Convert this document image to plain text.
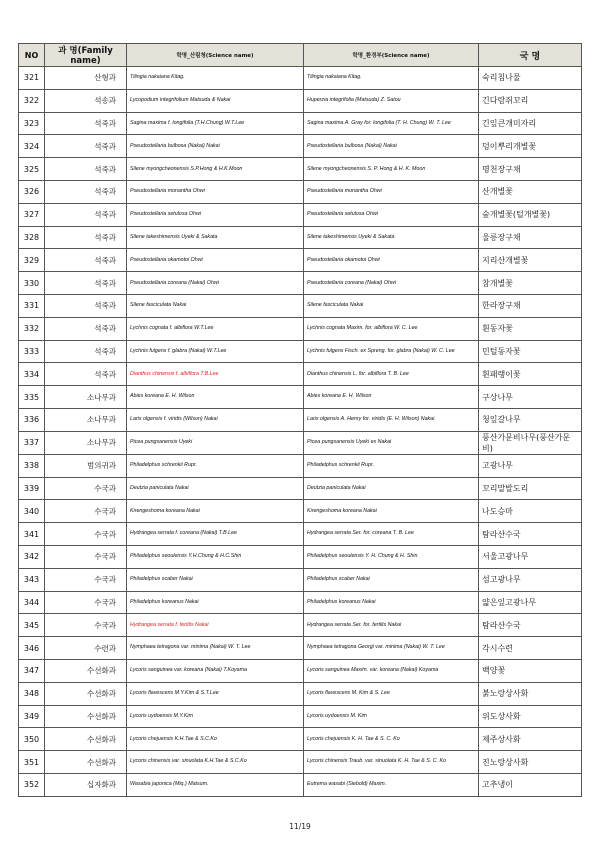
NO	과 명(Family name)	학명_산림청(Science name)	학명_환경부(Science name)	국 명
321	산형과	Tilingia nakaiana Kitag.	Tilingia nakaiana Kitag.	숙리침나물
322	석송과	Lycopodium integrifolium Matsuda & Nakai	Huperzia integrifolia (Matsuda) Z. Satou	긴다람쥐꼬리
323	석죽과	Sagina maxima f. longifolia (T.H.Chung) W.T.Lee	Sagina maxima A. Gray for. longifolia (T. H. Chung) W. T. Lee	긴잎큰개미자리
324	석죽과	Pseudostellaria bulbosa (Nakai) Nakai	Pseudostellaria bulbosa (Nakai) Nakai	덩이뿌리개별꽃
325	석죽과	Silene myongcheonensis S.P.Hong & H.K.Moon	Silene myongcheonensis S. P. Hong & H. K. Moon	명천장구채
326	석죽과	Pseudostellaria monantha Ohwi	Pseudostellaria monantha Ohwi	산개별꽃
327	석죽과	Pseudostellaria setulosa Ohwi	Pseudostellaria setulosa Ohwi	숲개별꽃(털개별꽃)
328	석죽과	Silene takeshimensis Uyeki & Sakata	Silene takeshimensis Uyeki & Sakata	울릉장구채
329	석죽과	Pseudostellaria okamotoi Ohwi	Pseudostellaria okamotoi Ohwi	지리산개별꽃
330	석죽과	Pseudostellaria coreana (Nakai) Ohwi	Pseudostellaria coreana (Nakai) Ohwi	참개별꽃
331	석죽과	Silene fasciculata Nakai	Silene fasciculata Nakai	한라장구채
332	석죽과	Lychnis cognata f. albiflora W.T.Lee	Lychnis cognata Maxim. for. albiflora W. C. Lee	흰동자꽃
333	석죽과	Lychnis fulgens f. glabra (Nakai) W.T.Lee	Lychnis fulgens Fisch. ex Spreng. for. glabra (Nakai) W. C. Lee	민털동자꽃
334	석죽과	Dianthus chinensis f. albiflora T.B.Lee	Dianthus chinensis L. for. albiflora T. B. Lee	흰패랭이꽃
335	소나무과	Abies koreana E. H. Wilson	Abies koreana E. H. Wilson	구상나무
336	소나무과	Larix olgensis f. viridis (Wilson) Nakai	Larix olgensis A. Henry for. viridis (E. H. Wilson) Nakai	청잎갈나무
337	소나무과	Picea pungsanensis Uyeki	Picea pungsanensis Uyeki ex Nakai	풍산가문비나무(풍산가문비)
338	범의귀과	Philadelphus schrenkii Rupr.	Philadelphus schrenkii Rupr.	고광나무
339	수국과	Deutzia paniculata Nakai	Deutzia paniculata Nakai	꼬리말발도리
340	수국과	Kirengeshoma koreana Nakai	Kirengeshoma koreana Nakai	나도승마
341	수국과	Hydrangea serrata f. coreana (Nakai) T.B.Lee	Hydrangea serrata Ser. for. coreana T. B. Lee	탐라산수국
342	수국과	Philadelphus seoulensis Y.H.Chung & H.C.Shin	Philadelphus seoulensis Y. H. Chung & H. Shin	서울고광나무
343	수국과	Philadelphus scaber Nakai	Philadelphus scaber Nakai	섬고광나무
344	수국과	Philadelphus koreanus Nakai	Philadelphus koreanus Nakai	얇은잎고광나무
345	수국과	Hydrangea serrata f. fertilis Nakai	Hydrangea serrata Ser. for. fertilis Nakai	탐라산수국
346	수련과	Nymphaea tetragona var. minima (Nakai) W. T. Lee	Nymphaea tetragona Georgi var. minima (Nakai) W. T. Lee	각시수련
347	수선화과	Lycoris sanguinea var. koreana (Nakai) T.Koyama	Lycoris sanguinea Maxim. var. koreana (Nakai) Koyama	백양꽃
348	수선화과	Lycoris flavescens M.Y.Kim & S.T.Lee	Lycoris flavescens M. Kim & S. Lee	붉노랑상사화
349	수선화과	Lycoris uydoensis M.Y.Kim	Lycoris uydoensis M. Kim	위도상사화
350	수선화과	Lycoris chejuensis K.H.Tae & S.C.Ko	Lycoris chejuensis K. H. Tae & S. C. Ko	제주상사화
351	수선화과	Lycoris chinensis var. sinuolata K.H.Tae & S.C.Ko	Lycoris chinensis Traub. var. sinuolata K. H. Tae & S. C. Ko	진노랑상사화
352	십자화과	Wasabia japonica (Miq.) Matsum.	Eutrema wasabi (Siebold) Maxim.	고추냉이
11/19
